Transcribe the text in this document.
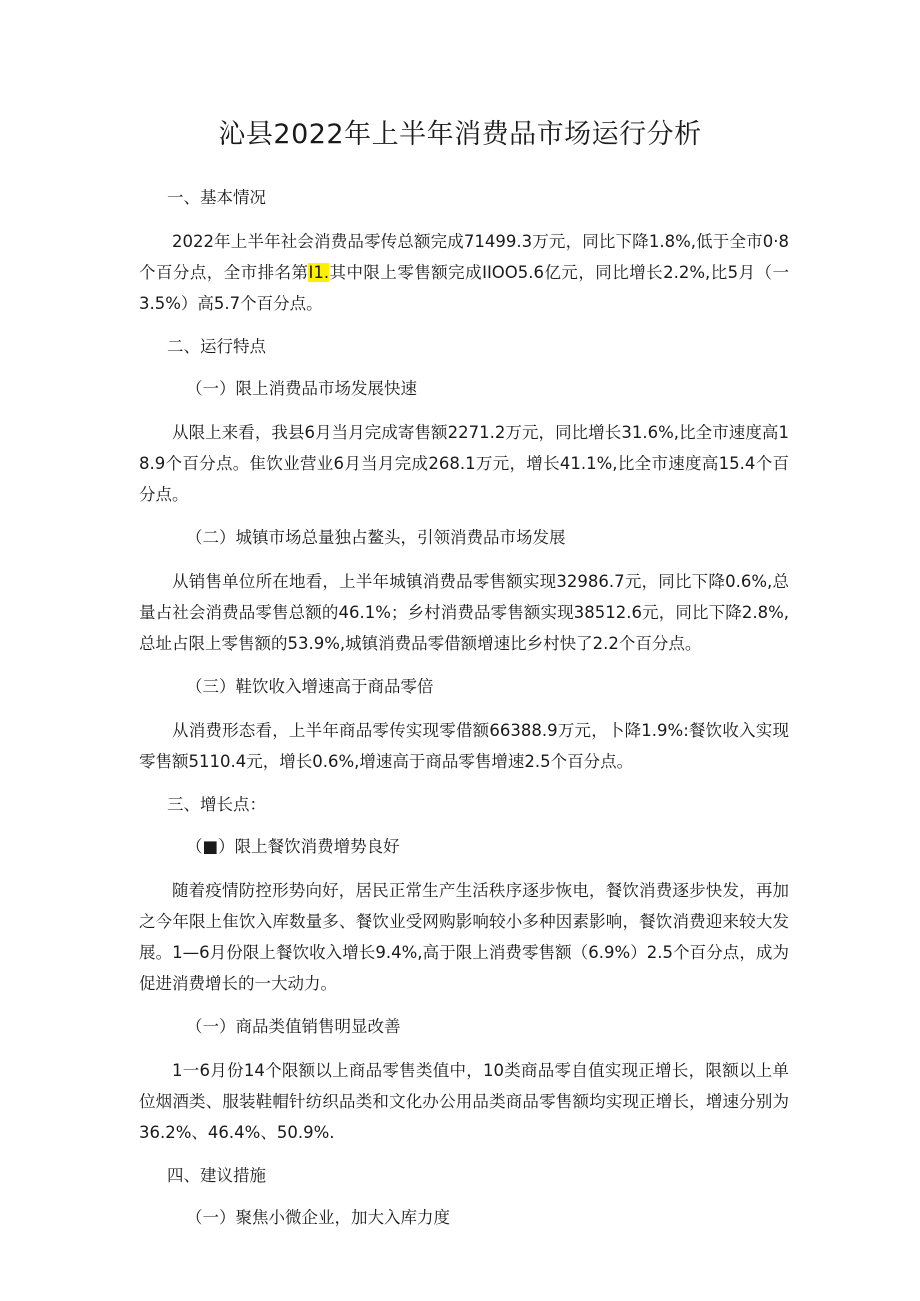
沁县2022年上半年消费品市场运行分析
一、基本情况

2022年上半年社会消费品零传总额完成71499.3万元，同比下降1.8%,低于全市0·8个百分点，全市排名第I1.其中限上零售额完成IIOO5.6亿元，同比增长2.2%,比5月（一3.5%）高5.7个百分点。

二、运行特点
（一）限上消费品市场发展快速

从限上来看，我县6月当月完成寄售额2271.2万元，同比增长31.6%,比全市速度高18.9个百分点。隹饮业营业6月当月完成268.1万元，增长41.1%,比全市速度高15.4个百分点。

（二）城镇市场总量独占鳌头，引领消费品市场发展

从销售单位所在地看，上半年城镇消费品零售额实现32986.7元，同比下降0.6%,总量占社会消费品零售总额的46.1%；乡村消费品零售额实现38512.6元，同比下降2.8%,总址占限上零售额的53.9%,城镇消费品零借额增速比乡村快了2.2个百分点。

（三）鞋饮收入增速高于商品零倍

从消费形态看，上半年商品零传实现零借额66388.9万元，卜降1.9%:餐饮收入实现零售额5110.4元，增长0.6%,增速高于商品零售增速2.5个百分点。

三、增长点：
（■）限上餐饮消费增势良好

随着疫情防控形势向好，居民正常生产生活秩序逐步恢电，餐饮消费逐步快发，再加之今年限上隹饮入库数量多、餐饮业受网购影响较小多种因素影响，餐饮消费迎来较大发展。1—6月份限上餐饮收入增长9.4%,高于限上消费零售额（6.9%）2.5个百分点，成为促进消费增长的一大动力。

（一）商品类值销售明显改善

1一6月份14个限额以上商品零售类值中，10类商品零自值实现正增长，限额以上单位烟酒类、服装鞋帽针纺织品类和文化办公用品类商品零售额均实现正增长，增速分别为36.2%、46.4%、50.9%.

四、建议措施
（一）聚焦小微企业，加大入库力度
